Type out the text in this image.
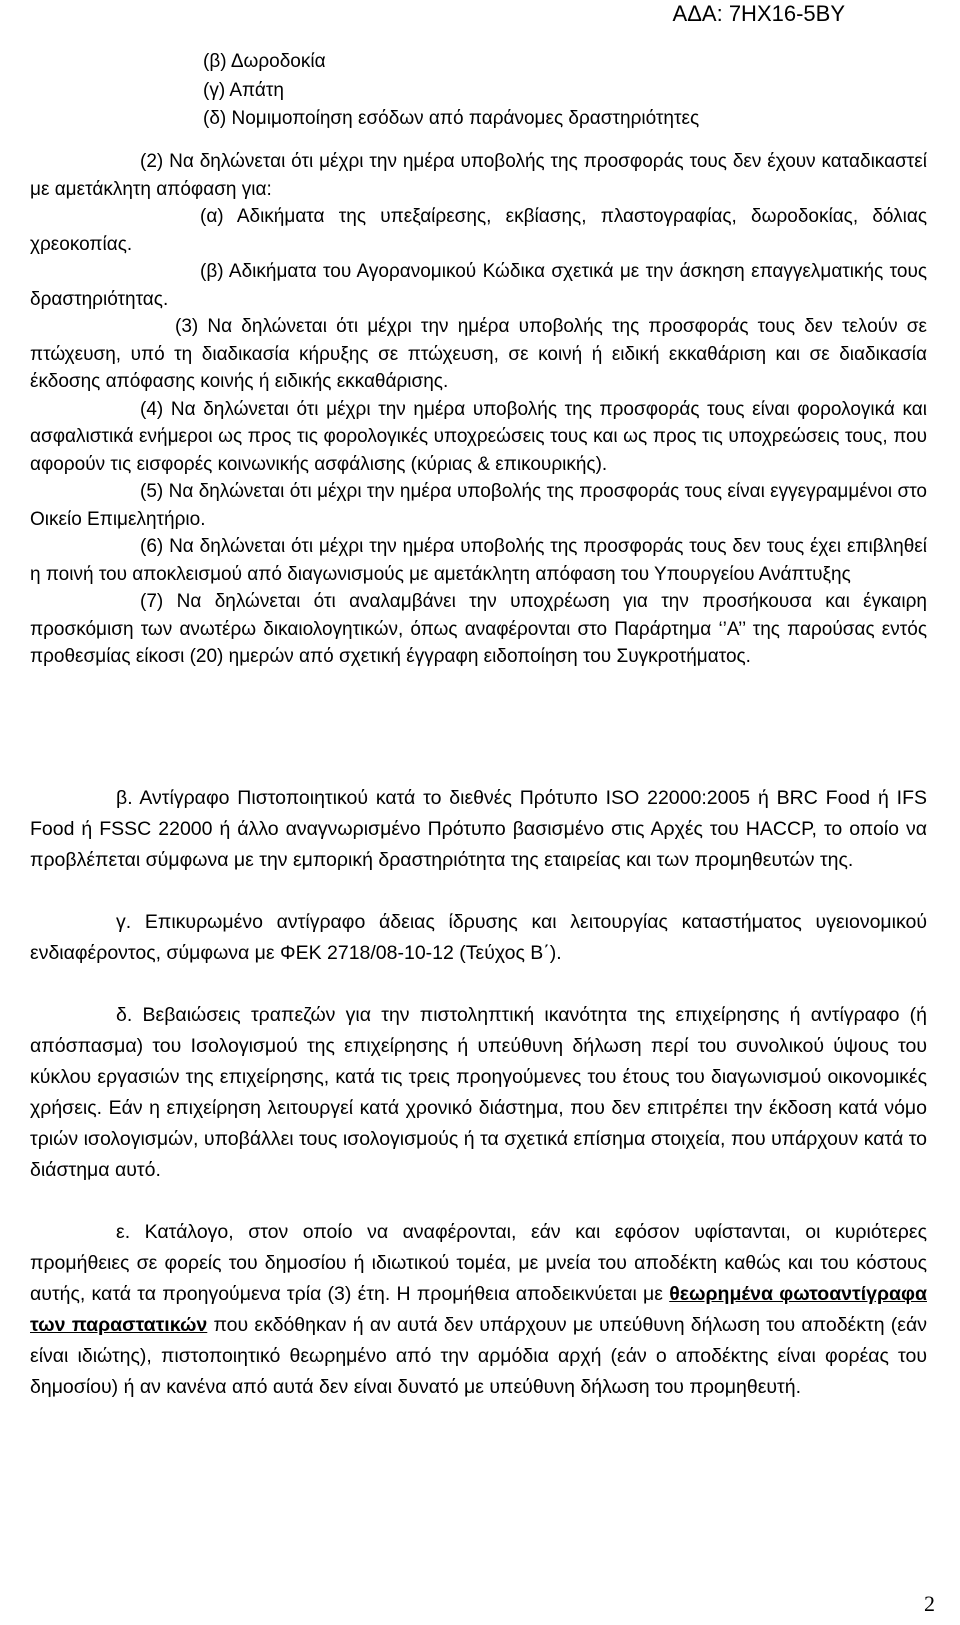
ΑΔΑ: 7ΗΧ16-5ΒΥ
(β) Δωροδοκία
(γ) Απάτη
(δ) Νομιμοποίηση εσόδων από παράνομες δραστηριότητες

(2) Να δηλώνεται ότι μέχρι την ημέρα υποβολής της προσφοράς τους δεν έχουν καταδικαστεί με αμετάκλητη απόφαση για:

(α) Αδικήματα της υπεξαίρεσης, εκβίασης, πλαστογραφίας, δωροδοκίας, δόλιας χρεοκοπίας.

(β) Αδικήματα του Αγορανομικού Κώδικα σχετικά με την άσκηση επαγγελματικής τους δραστηριότητας.

(3) Να δηλώνεται ότι μέχρι την ημέρα υποβολής της προσφοράς τους δεν τελούν σε πτώχευση, υπό τη διαδικασία κήρυξης σε πτώχευση, σε κοινή ή ειδική εκκαθάριση και σε διαδικασία έκδοσης απόφασης κοινής ή ειδικής εκκαθάρισης.

(4) Να δηλώνεται ότι μέχρι την ημέρα υποβολής της προσφοράς τους είναι φορολογικά και ασφαλιστικά ενήμεροι ως προς τις φορολογικές υποχρεώσεις τους και ως προς τις υποχρεώσεις τους, που αφορούν τις εισφορές κοινωνικής ασφάλισης (κύριας & επικουρικής).

(5) Να δηλώνεται ότι μέχρι την ημέρα υποβολής της προσφοράς τους είναι εγγεγραμμένοι στο Οικείο Επιμελητήριο.

(6) Να δηλώνεται ότι μέχρι την ημέρα υποβολής της προσφοράς τους δεν τους έχει επιβληθεί η ποινή του αποκλεισμού από διαγωνισμούς με αμετάκλητη απόφαση του Υπουργείου Ανάπτυξης

(7) Να δηλώνεται ότι αναλαμβάνει την υποχρέωση για την προσήκουσα και έγκαιρη προσκόμιση των ανωτέρω δικαιολογητικών, όπως αναφέρονται στο Παράρτημα ‘’Α’’ της παρούσας εντός προθεσμίας είκοσι (20) ημερών από σχετική έγγραφη ειδοποίηση του Συγκροτήματος.

β. Αντίγραφο Πιστοποιητικού κατά το διεθνές Πρότυπο ISO 22000:2005 ή BRC Food ή IFS Food ή FSSC 22000 ή άλλο αναγνωρισμένο Πρότυπο βασισμένο στις Αρχές του HACCP, το οποίο να προβλέπεται σύμφωνα με την εμπορική δραστηριότητα της εταιρείας και των προμηθευτών της.

γ. Επικυρωμένο αντίγραφο άδειας ίδρυσης και λειτουργίας καταστήματος υγειονομικού ενδιαφέροντος, σύμφωνα με ΦΕΚ 2718/08-10-12 (Τεύχος Β΄).

δ. Βεβαιώσεις τραπεζών για την πιστοληπτική ικανότητα της επιχείρησης ή αντίγραφο (ή απόσπασμα) του Ισολογισμού της επιχείρησης ή υπεύθυνη δήλωση περί του συνολικού ύψους του κύκλου εργασιών της επιχείρησης, κατά τις τρεις προηγούμενες του έτους του διαγωνισμού οικονομικές χρήσεις. Εάν η επιχείρηση λειτουργεί κατά χρονικό διάστημα, που δεν επιτρέπει την έκδοση κατά νόμο τριών ισολογισμών, υποβάλλει τους ισολογισμούς ή τα σχετικά επίσημα στοιχεία, που υπάρχουν κατά το διάστημα αυτό.

ε. Κατάλογο, στον οποίο να αναφέρονται, εάν και εφόσον υφίστανται, οι κυριότερες προμήθειες σε φορείς του δημοσίου ή ιδιωτικού τομέα, με μνεία του αποδέκτη καθώς και του κόστους αυτής, κατά τα προηγούμενα τρία (3) έτη. Η προμήθεια αποδεικνύεται με θεωρημένα φωτοαντίγραφα των παραστατικών που εκδόθηκαν ή αν αυτά δεν υπάρχουν με υπεύθυνη δήλωση του αποδέκτη (εάν είναι ιδιώτης), πιστοποιητικό θεωρημένο από την αρμόδια αρχή (εάν ο αποδέκτης είναι φορέας του δημοσίου) ή αν κανένα από αυτά δεν είναι δυνατό με υπεύθυνη δήλωση του προμηθευτή.

2
